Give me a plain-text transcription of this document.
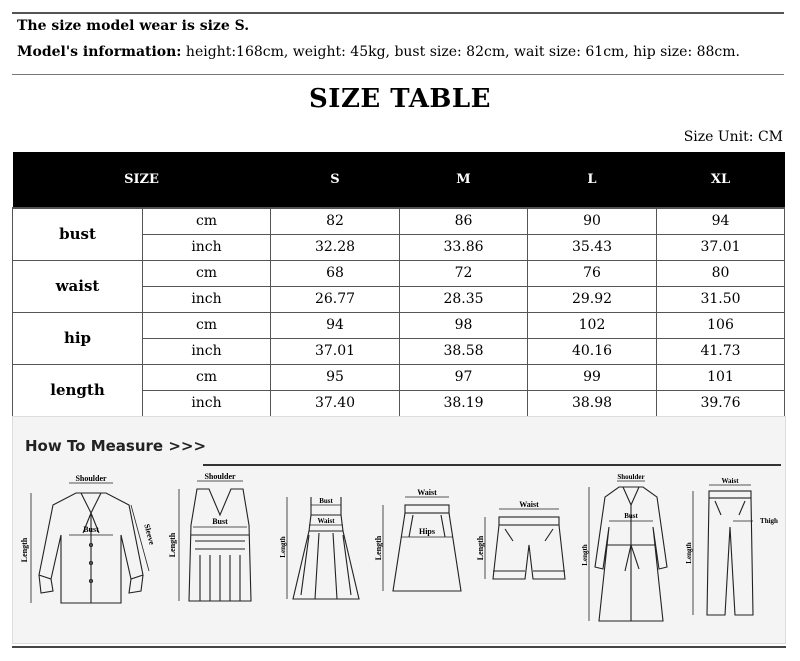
The size model wear is size S.
Model's information: height:168cm, weight: 45kg, bust size: 82cm, wait size: 61cm, hip size: 88cm.
SIZE TABLE
Size Unit: CM
SIZE		S	M	L	XL
bust	cm	82	86	90	94
	inch	32.28	33.86	35.43	37.01
waist	cm	68	72	76	80
	inch	26.77	28.35	29.92	31.50
hip	cm	94	98	102	106
	inch	37.01	38.58	40.16	41.73
length	cm	95	97	99	101
	inch	37.40	38.19	38.98	39.76
How To Measure >>>
Shoulder
Bust
Length
Sleeve
Shoulder
Bust
Length
Bust
Waist
Length
Waist
Hips
Length
Waist
Length
Shoulder
Bust
Length
Waist
Thigh
Length
